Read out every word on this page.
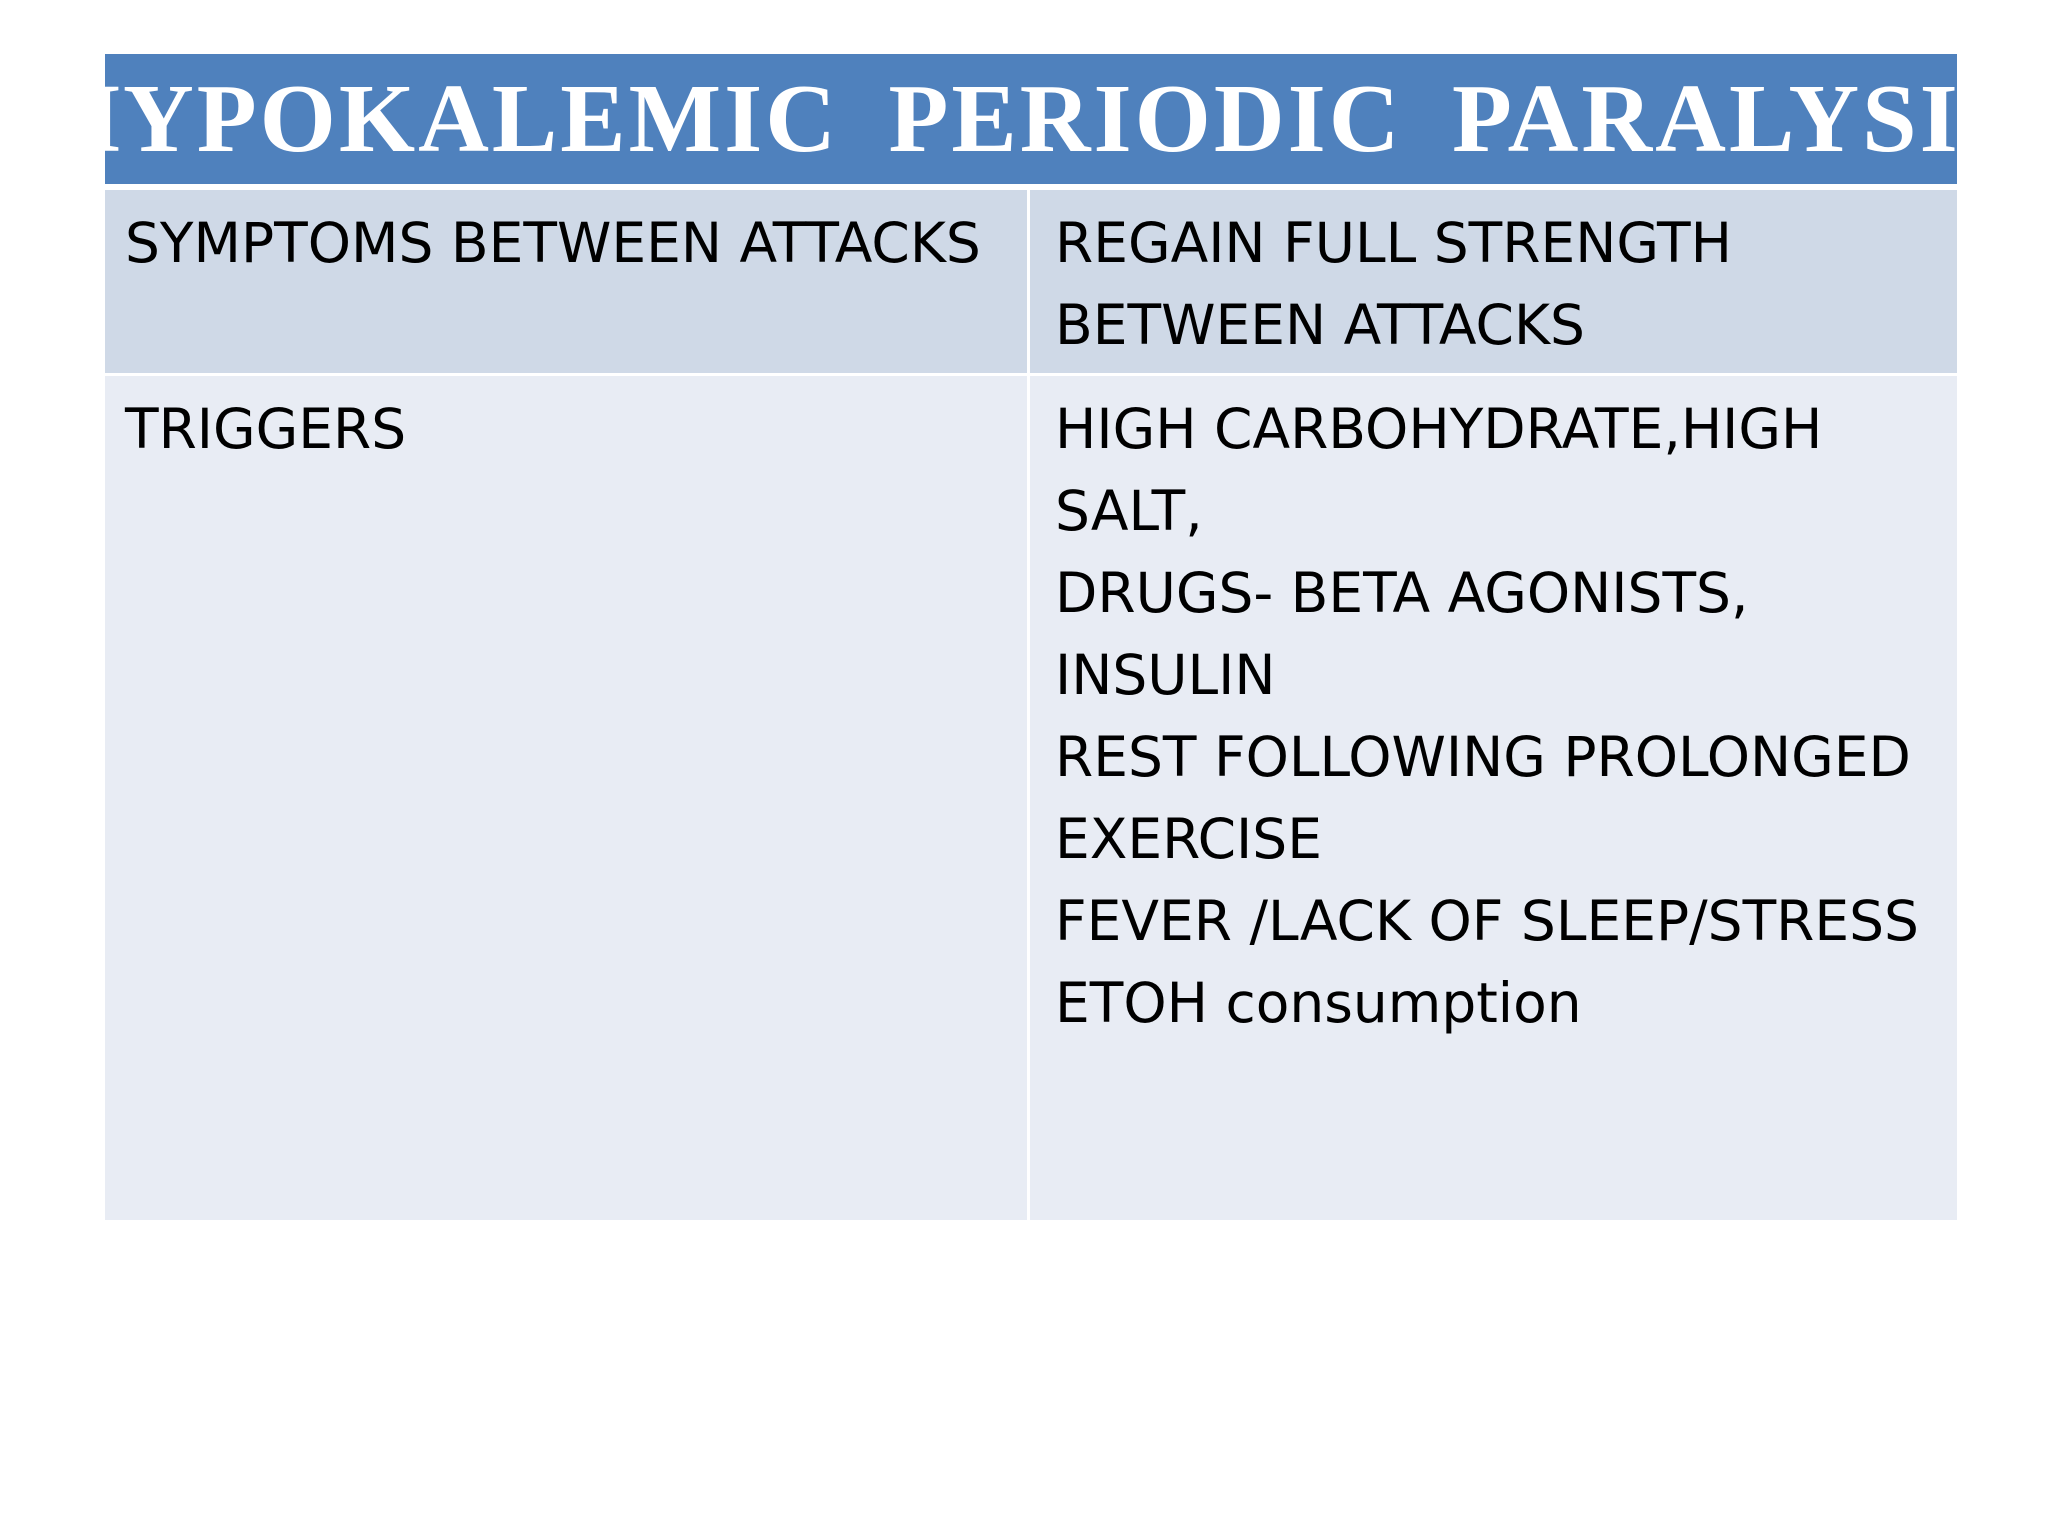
HYPOKALEMIC PERIODIC PARALYSIS
SYMPTOMS BETWEEN ATTACKS	REGAIN FULL STRENGTH
BETWEEN ATTACKS
TRIGGERS	HIGH CARBOHYDRATE,HIGH
SALT,
DRUGS- BETA AGONISTS,
INSULIN
REST FOLLOWING PROLONGED
EXERCISE
FEVER /LACK OF SLEEP/STRESS
ETOH consumption
